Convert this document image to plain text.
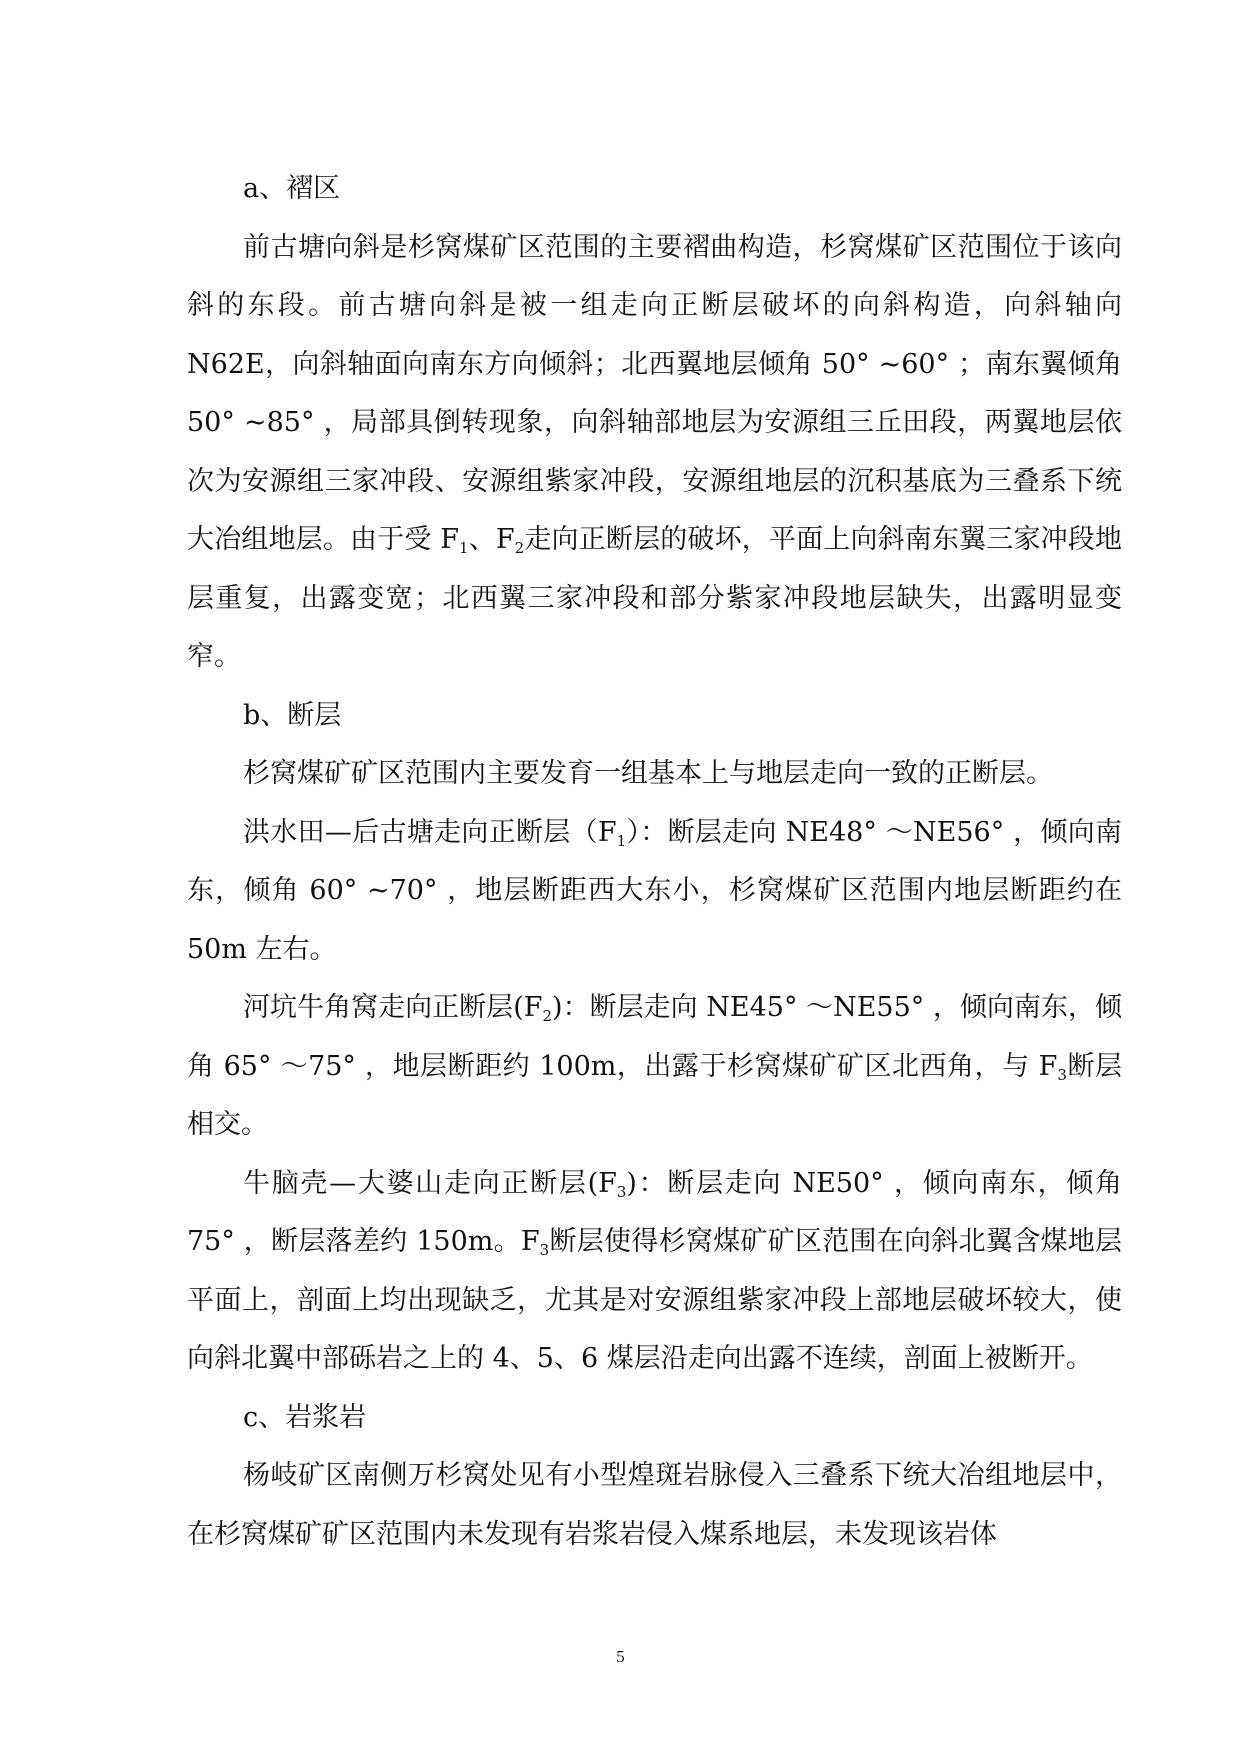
a、褶区

前古塘向斜是杉窝煤矿区范围的主要褶曲构造，杉窝煤矿区范围位于该向斜的东段。前古塘向斜是被一组走向正断层破坏的向斜构造，向斜轴向 N62E，向斜轴面向南东方向倾斜；北西翼地层倾角 50° ~60° ；南东翼倾角 50° ~85° ，局部具倒转现象，向斜轴部地层为安源组三丘田段，两翼地层依次为安源组三家冲段、安源组紫家冲段，安源组地层的沉积基底为三叠系下统大冶组地层。由于受 $F_1$、$F_2$走向正断层的破坏，平面上向斜南东翼三家冲段地层重复，出露变宽；北西翼三家冲段和部分紫家冲段地层缺失，出露明显变窄。

b、断层

杉窝煤矿矿区范围内主要发育一组基本上与地层走向一致的正断层。

洪水田—后古塘走向正断层$(F_1)$：断层走向 NE48° ～NE56° ，倾向南东，倾角 60° ~70° ，地层断距西大东小，杉窝煤矿区范围内地层断距约在 50m 左右。

河坑牛角窝走向正断层$(F_2)$：断层走向 NE45° ～NE55° ，倾向南东，倾角 65° ～75° ，地层断距约 100m，出露于杉窝煤矿矿区北西角，与 $F_3$断层相交。

牛脑壳—大婆山走向正断层$(F_3)$：断层走向 NE50° ，倾向南东，倾角 75° ，断层落差约 150m。$F_3$断层使得杉窝煤矿矿区范围在向斜北翼含煤地层平面上，剖面上均出现缺乏，尤其是对安源组紫家冲段上部地层破坏较大，使向斜北翼中部砾岩之上的 4、5、6 煤层沿走向出露不连续，剖面上被断开。

c、岩浆岩

杨岐矿区南侧万杉窝处见有小型煌斑岩脉侵入三叠系下统大冶组地层中，在杉窝煤矿矿区范围内未发现有岩浆岩侵入煤系地层，未发现该岩体

5
